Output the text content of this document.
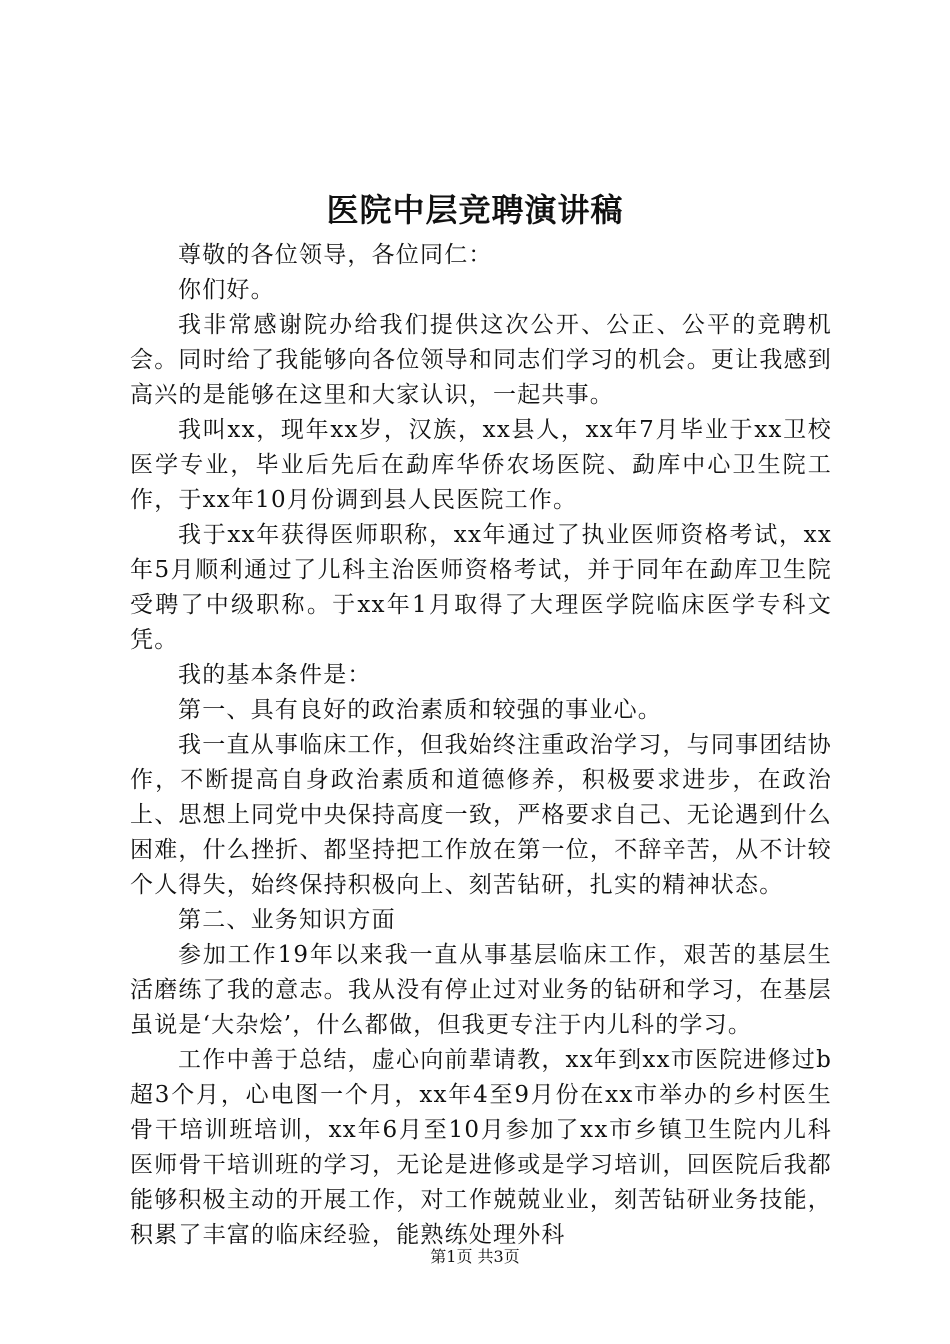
医院中层竞聘演讲稿

尊敬的各位领导，各位同仁：

你们好。

我非常感谢院办给我们提供这次公开、公正、公平的竞聘机会。同时给了我能够向各位领导和同志们学习的机会。更让我感到高兴的是能够在这里和大家认识，一起共事。

我叫xx，现年xx岁，汉族，xx县人，xx年7月毕业于xx卫校医学专业，毕业后先后在勐库华侨农场医院、勐库中心卫生院工作，于xx年10月份调到县人民医院工作。

我于xx年获得医师职称，xx年通过了执业医师资格考试，xx年5月顺利通过了儿科主治医师资格考试，并于同年在勐库卫生院受聘了中级职称。于xx年1月取得了大理医学院临床医学专科文凭。

我的基本条件是：

第一、具有良好的政治素质和较强的事业心。

我一直从事临床工作，但我始终注重政治学习，与同事团结协作，不断提高自身政治素质和道德修养，积极要求进步，在政治上、思想上同党中央保持高度一致，严格要求自己、无论遇到什么困难，什么挫折、都坚持把工作放在第一位，不辞辛苦，从不计较个人得失，始终保持积极向上、刻苦钻研，扎实的精神状态。

第二、业务知识方面

参加工作19年以来我一直从事基层临床工作，艰苦的基层生活磨练了我的意志。我从没有停止过对业务的钻研和学习，在基层虽说是‘大杂烩’，什么都做，但我更专注于内儿科的学习。

工作中善于总结，虚心向前辈请教，xx年到xx市医院进修过b超3个月，心电图一个月，xx年4至9月份在xx市举办的乡村医生骨干培训班培训，xx年6月至10月参加了xx市乡镇卫生院内儿科医师骨干培训班的学习，无论是进修或是学习培训，回医院后我都能够积极主动的开展工作，对工作兢兢业业，刻苦钻研业务技能，积累了丰富的临床经验，能熟练处理外科

第1页 共3页
